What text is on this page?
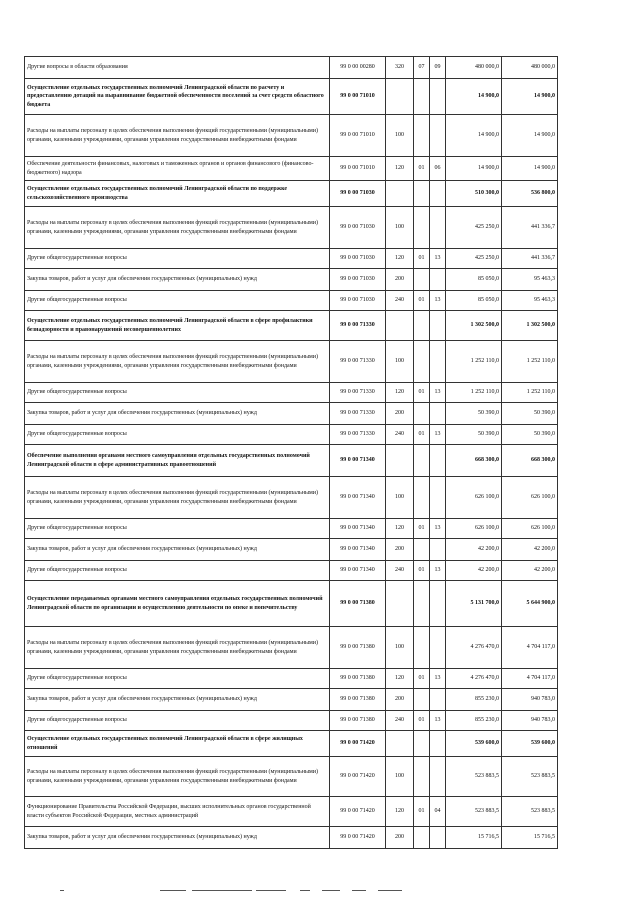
Другие вопросы в области образования	99 0 00 00280	320	07	09	480 000,0	480 000,0
Осуществление отдельных государственных полномочий Ленинградской области по расчету и предоставлению дотаций на выравнивание бюджетной обеспеченности поселений за счет средств областного бюджета	99 0 00 71010				14 900,0	14 900,0
Расходы на выплаты персоналу в целях обеспечения выполнения функций государственными (муниципальными) органами, казенными учреждениями, органами управления государственными внебюджетными фондами	99 0 00 71010	100			14 900,0	14 900,0
Обеспечение деятельности финансовых, налоговых и таможенных органов и органов финансового (финансово-бюджетного) надзора	99 0 00 71010	120	01	06	14 900,0	14 900,0
Осуществление отдельных государственных полномочий Ленинградской области по поддержке сельскохозяйственного производства	99 0 00 71030				510 300,0	536 800,0
Расходы на выплаты персоналу в целях обеспечения выполнения функций государственными (муниципальными) органами, казенными учреждениями, органами управления государственными внебюджетными фондами	99 0 00 71030	100			425 250,0	441 336,7
Другие общегосударственные вопросы	99 0 00 71030	120	01	13	425 250,0	441 336,7
Закупка товаров, работ и услуг для обеспечения государственных (муниципальных) нужд	99 0 00 71030	200			85 050,0	95 463,3
Другие общегосударственные вопросы	99 0 00 71030	240	01	13	85 050,0	95 463,3
Осуществление отдельных государственных полномочий Ленинградской области в сфере профилактики безнадзорности и правонарушений несовершеннолетних	99 0 00 71330				1 302 500,0	1 302 500,0
Расходы на выплаты персоналу в целях обеспечения выполнения функций государственными (муниципальными) органами, казенными учреждениями, органами управления государственными внебюджетными фондами	99 0 00 71330	100			1 252 110,0	1 252 110,0
Другие общегосударственные вопросы	99 0 00 71330	120	01	13	1 252 110,0	1 252 110,0
Закупка товаров, работ и услуг для обеспечения государственных (муниципальных) нужд	99 0 00 71330	200			50 390,0	50 390,0
Другие общегосударственные вопросы	99 0 00 71330	240	01	13	50 390,0	50 390,0
Обеспечение выполнения органами местного самоуправления отдельных государственных полномочий Ленинградской области в сфере административных правоотношений	99 0 00 71340				668 300,0	668 300,0
Расходы на выплаты персоналу в целях обеспечения выполнения функций государственными (муниципальными) органами, казенными учреждениями, органами управления государственными внебюджетными фондами	99 0 00 71340	100			626 100,0	626 100,0
Другие общегосударственные вопросы	99 0 00 71340	120	01	13	626 100,0	626 100,0
Закупка товаров, работ и услуг для обеспечения государственных (муниципальных) нужд	99 0 00 71340	200			42 200,0	42 200,0
Другие общегосударственные вопросы	99 0 00 71340	240	01	13	42 200,0	42 200,0
Осуществление передаваемых органами местного самоуправления отдельных государственных полномочий Ленинградской области по организации и осуществлению деятельности по опеке и попечительству	99 0 00 71380				5 131 700,0	5 644 900,0
Расходы на выплаты персоналу в целях обеспечения выполнения функций государственными (муниципальными) органами, казенными учреждениями, органами управления государственными внебюджетными фондами	99 0 00 71380	100			4 276 470,0	4 704 117,0
Другие общегосударственные вопросы	99 0 00 71380	120	01	13	4 276 470,0	4 704 117,0
Закупка товаров, работ и услуг для обеспечения государственных (муниципальных) нужд	99 0 00 71380	200			855 230,0	940 783,0
Другие общегосударственные вопросы	99 0 00 71380	240	01	13	855 230,0	940 783,0
Осуществление отдельных государственных полномочий Ленинградской области в сфере жилищных отношений	99 0 00 71420				539 600,0	539 600,0
Расходы на выплаты персоналу в целях обеспечения выполнения функций государственными (муниципальными) органами, казенными учреждениями, органами управления государственными внебюджетными фондами	99 0 00 71420	100			523 883,5	523 883,5
Функционирование Правительства Российской Федерации, высших исполнительных органов государственной власти субъектов Российской Федерации, местных администраций	99 0 00 71420	120	01	04	523 883,5	523 883,5
Закупка товаров, работ и услуг для обеспечения государственных (муниципальных) нужд	99 0 00 71420	200			15 716,5	15 716,5
